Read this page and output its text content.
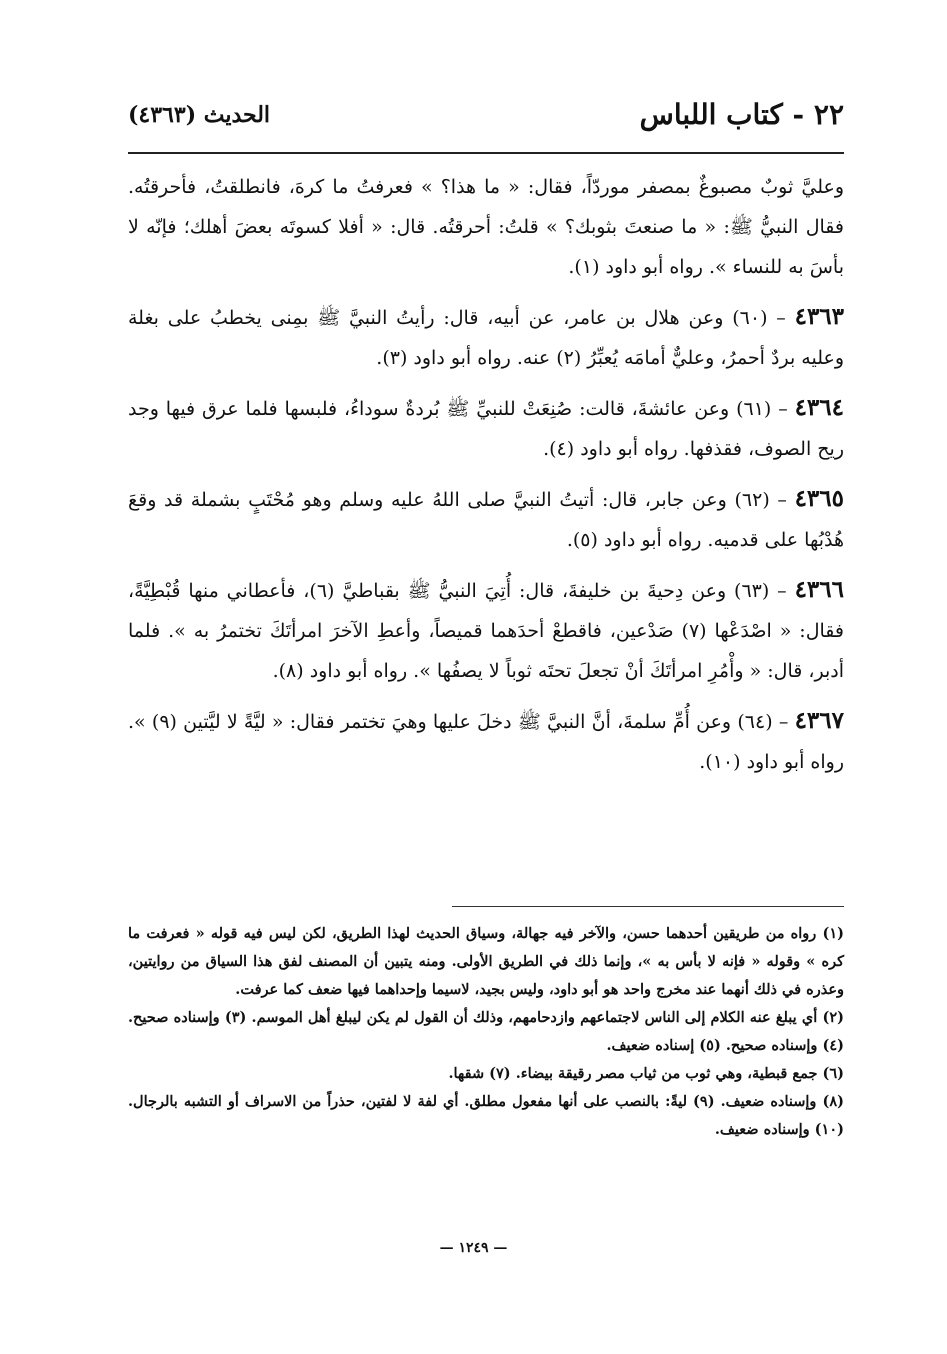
٢٢ - كتاب اللباس
الحديث (٤٣٦٣)

وعليَّ ثوبٌ مصبوغٌ بمصفر موردّاً، فقال: « ما هذا؟ » فعرفتُ ما كرهَ، فانطلقتُ، فأحرقتُه. فقال النبيُّ ﷺ: « ما صنعتَ بثوبك؟ » قلتُ: أحرقتُه. قال: « أفلا كسوتَه بعضَ أهلك؛ فإنّه لا بأسَ به للنساء ». رواه أبو داود (١).

٤٣٦٣ – (٦٠) وعن هلال بن عامر، عن أبيه، قال: رأيتُ النبيَّ ﷺ بمِنى يخطبُ على بغلة وعليه بردٌ أحمرُ، وعليٌّ أمامَه يُعبِّرُ (٢) عنه. رواه أبو داود (٣).

٤٣٦٤ – (٦١) وعن عائشةَ، قالت: صُنِعَتْ للنبيِّ ﷺ بُردةٌ سوداءُ، فلبسها فلما عرق فيها وجد ريح الصوف، فقذفها. رواه أبو داود (٤).

٤٣٦٥ – (٦٢) وعن جابر، قال: أتيتُ النبيَّ صلى اللهُ عليه وسلم وهو مُحْتَبٍ بشملة قد وقعَ هُدْبُها على قدميه. رواه أبو داود (٥).

٤٣٦٦ – (٦٣) وعن دِحيةَ بن خليفةَ، قال: أُتِيَ النبيُّ ﷺ بقباطيَّ (٦)، فأعطاني منها قُبْطِيَّةً، فقال: « اصْدَعْها (٧) صَدْعين، فاقطعْ أحدَهما قميصاً، وأعطِ الآخرَ امرأتَكَ تختمرُ به ». فلما أدبر، قال: « وأْمُرِ امرأتَكَ أنْ تجعلَ تحتَه ثوباً لا يصفُها ». رواه أبو داود (٨).

٤٣٦٧ – (٦٤) وعن أُمِّ سلمةَ، أنَّ النبيَّ ﷺ دخلَ عليها وهيَ تختمر فقال: « ليَّةً لا ليَّتين (٩) ». رواه أبو داود (١٠).

(١) رواه من طريقين أحدهما حسن، والآخر فيه جهالة، وسياق الحديث لهذا الطريق، لكن ليس فيه قوله « فعرفت ما كره » وقوله « فإنه لا بأس به »، وإنما ذلك في الطريق الأولى. ومنه يتبين أن المصنف لفق هذا السياق من روايتين، وعذره في ذلك أنهما عند مخرج واحد هو أبو داود، وليس بجيد، لاسيما وإحداهما فيها ضعف كما عرفت.

(٢) أي يبلغ عنه الكلام إلى الناس لاجتماعهم وازدحامهم، وذلك أن القول لم يكن ليبلغ أهل الموسم. (٣) وإسناده صحيح. (٤) وإسناده صحيح. (٥) إسناده ضعيف.

(٦) جمع قبطية، وهي ثوب من ثياب مصر رقيقة بيضاء. (٧) شقها.

(٨) وإسناده ضعيف. (٩) ليةً: بالنصب على أنها مفعول مطلق. أي لفة لا لفتين، حذراً من الاسراف أو التشبه بالرجال. (١٠) وإسناده ضعيف.

— ١٢٤٩ —
